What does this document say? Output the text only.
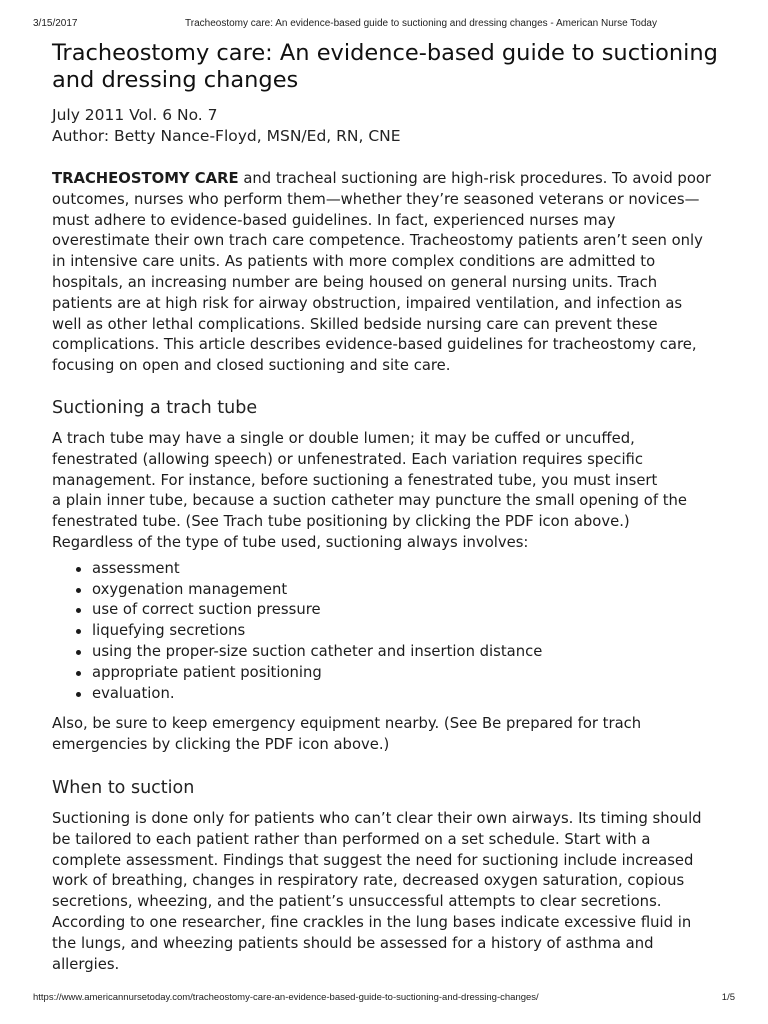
3/15/2017	Tracheostomy care: An evidence-based guide to suctioning and dressing changes - American Nurse Today
Tracheostomy care: An evidence-based guide to suctioning
and dressing changes
July 2011 Vol. 6 No. 7
Author: Betty Nance-Floyd, MSN/Ed, RN, CNE

TRACHEOSTOMY CARE and tracheal suctioning are high-risk procedures. To avoid poor
outcomes, nurses who perform them—whether they’re seasoned veterans or novices—
must adhere to evidence-based guidelines. In fact, experienced nurses may
overestimate their own trach care competence. Tracheostomy patients aren’t seen only
in intensive care units. As patients with more complex conditions are admitted to
hospitals, an increasing number are being housed on general nursing units. Trach
patients are at high risk for airway obstruction, impaired ventilation, and infection as
well as other lethal complications. Skilled bedside nursing care can prevent these
complications. This article describes evidence-based guidelines for tracheostomy care,
focusing on open and closed suctioning and site care.

Suctioning a trach tube

A trach tube may have a single or double lumen; it may be cuffed or uncuffed,
fenestrated (allowing speech) or unfenestrated. Each variation requires specific
management. For instance, before suctioning a fenestrated tube, you must insert
a plain inner tube, because a suction catheter may puncture the small opening of the
fenestrated tube. (See Trach tube positioning by clicking the PDF icon above.)
Regardless of the type of tube used, suctioning always involves:

assessment
oxygenation management
use of correct suction pressure
liquefying secretions
using the proper-size suction catheter and insertion distance
appropriate patient positioning
evaluation.

Also, be sure to keep emergency equipment nearby. (See Be prepared for trach
emergencies by clicking the PDF icon above.)

When to suction

Suctioning is done only for patients who can’t clear their own airways. Its timing should
be tailored to each patient rather than performed on a set schedule. Start with a
complete assessment. Findings that suggest the need for suctioning include increased
work of breathing, changes in respiratory rate, decreased oxygen saturation, copious
secretions, wheezing, and the patient’s unsuccessful attempts to clear secretions.
According to one researcher, fine crackles in the lung bases indicate excessive fluid in
the lungs, and wheezing patients should be assessed for a history of asthma and
allergies.

https://www.americannursetoday.com/tracheostomy-care-an-evidence-based-guide-to-suctioning-and-dressing-changes/	1/5
